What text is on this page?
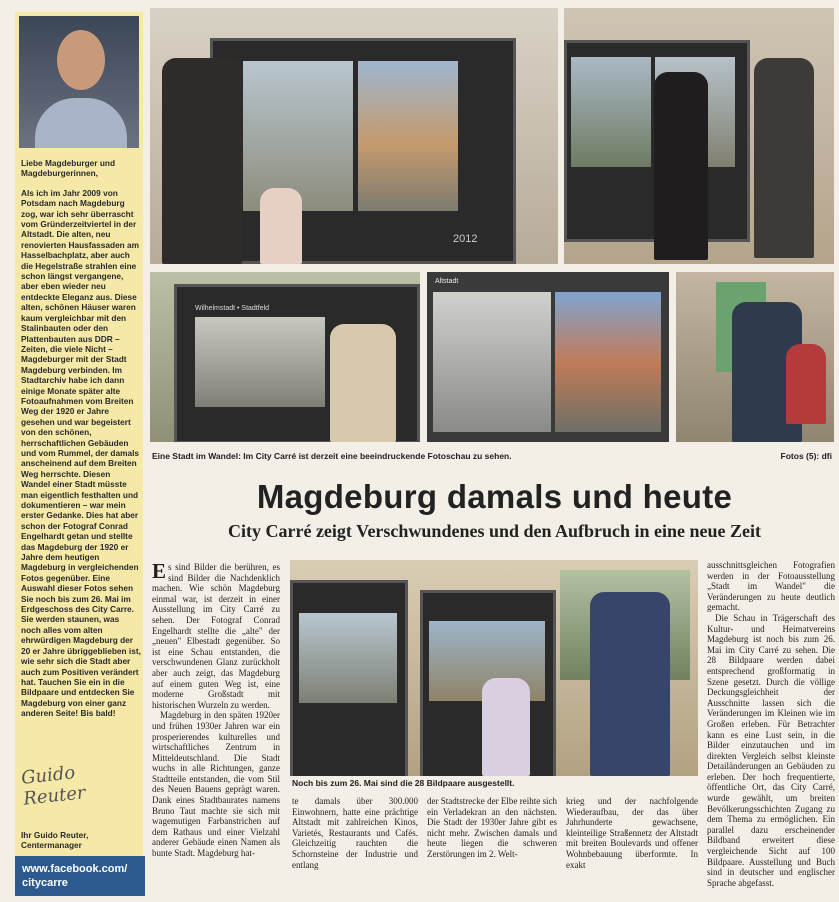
Liebe Magdeburger und Magdeburgerinnen,

Als ich im Jahr 2009 von Potsdam nach Magdeburg zog, war ich sehr überrascht vom Gründerzeitviertel in der Altstadt. Die alten, neu renovierten Hausfassaden am Hasselbachplatz, aber auch die Hegelstraße strahlen eine schon längst vergangene, aber eben wieder neu entdeckte Eleganz aus. Diese alten, schönen Häuser waren kaum vergleichbar mit den Stalinbauten oder den Plattenbauten aus DDR – Zeiten, die viele Nicht – Magdeburger mit der Stadt Magdeburg verbinden. Im Stadtarchiv habe ich dann einige Monate später alte Fotoaufnahmen vom Breiten Weg der 1920 er Jahre gesehen und war begeistert von den schönen, herrschaftlichen Gebäuden und vom Rummel, der damals anscheinend auf dem Breiten Weg herrschte. Diesen Wandel einer Stadt müsste man eigentlich festhalten und dokumentieren – war mein erster Gedanke. Dies hat aber schon der Fotograf Conrad Engelhardt getan und stellte das Magdeburg der 1920 er Jahre dem heutigen Magdeburg in vergleichenden Fotos gegenüber. Eine Auswahl dieser Fotos sehen Sie noch bis zum 26. Mai im Erdgeschoss des City Carre. Sie werden staunen, was noch alles vom alten ehrwürdigen Magdeburg der 20 er Jahre übriggeblieben ist, wie sehr sich die Stadt aber auch zum Positiven verändert hat. Tauchen Sie ein in die Bildpaare und entdecken Sie Magdeburg von einer ganz anderen Seite! Bis bald!

Guido Reuter
Ihr Guido Reuter,
Centermanager
www.facebook.com/
citycarre
2012
Wilhelmstadt • Stadtfeld
Altstadt
Eine Stadt im Wandel: Im City Carré ist derzeit eine beeindruckende Fotoschau zu sehen.	Fotos (5): dfi
Magdeburg damals und heute
City Carré zeigt Verschwundenes und den Aufbruch in eine neue Zeit

Es sind Bilder die berühren, es sind Bilder die Nachdenklich machen. Wie schön Magdeburg einmal war, ist derzeit in einer Ausstellung im City Carré zu sehen. Der Fotograf Conrad Engelhardt stellte die „alte" der „neuen" Elbestadt gegenüber. So ist eine Schau entstanden, die verschwundenen Glanz zurückholt aber auch zeigt, das Magdeburg auf einem guten Weg ist, eine moderne Großstadt mit historischen Wurzeln zu werden.

Magdeburg in den späten 1920er und frühen 1930er Jahren war ein prosperierendes kulturelles und wirtschaftliches Zentrum in Mitteldeutschland. Die Stadt wuchs in alle Richtungen, ganze Stadtteile entstanden, die vom Stil des Neuen Bauens geprägt waren. Dank eines Stadtbaurates namens Bruno Taut machte sie sich mit wagemutigen Farbanstrichen auf dem Rathaus und einer Vielzahl anderer Gebäude einen Namen als bunte Stadt. Magdeburg hat-

Noch bis zum 26. Mai sind die 28 Bildpaare ausgestellt.

te damals über 300.000 Einwohnern, hatte eine prächtige Altstadt mit zahlreichen Kinos, Varietés, Restaurants und Cafés. Gleichzeitig rauchten die Schornsteine der Industrie und entlang

der Stadtstrecke der Elbe reihte sich ein Verladekran an den nächsten. Die Stadt der 1930er Jahre gibt es nicht mehr. Zwischen damals und heute liegen die schweren Zerstörungen im 2. Welt-

krieg und der nachfolgende Wiederaufbau, der das über Jahrhunderte gewachsene, kleinteilige Straßennetz der Altstadt mit breiten Boulevards und offener Wohnbebauung überformte. In exakt

ausschnittsgleichen Fotografien werden in der Fotoausstellung „Stadt im Wandel" die Veränderungen zu heute deutlich gemacht.

Die Schau in Trägerschaft des Kultur- und Heimatvereins Magdeburg ist noch bis zum 26. Mai im City Carré zu sehen. Die 28 Bildpaare werden dabei entsprechend großformatig in Szene gesetzt. Durch die völlige Deckungsgleichheit der Ausschnitte lassen sich die Veränderungen im Kleinen wie im Großen erleben. Für Betrachter kann es eine Lust sein, in die Bilder einzutauchen und im direkten Vergleich selbst kleinste Detailänderungen an Gebäuden zu erleben. Der hoch frequentierte, öffentliche Ort, das City Carré, wurde gewählt, um breiten Bevölkerungsschichten Zugang zu dem Thema zu ermöglichen. Ein parallel dazu erscheinender Bildband erweitert diese vergleichende Sicht auf 100 Bildpaare. Ausstellung und Buch sind in deutscher und englischer Sprache abgefasst.
